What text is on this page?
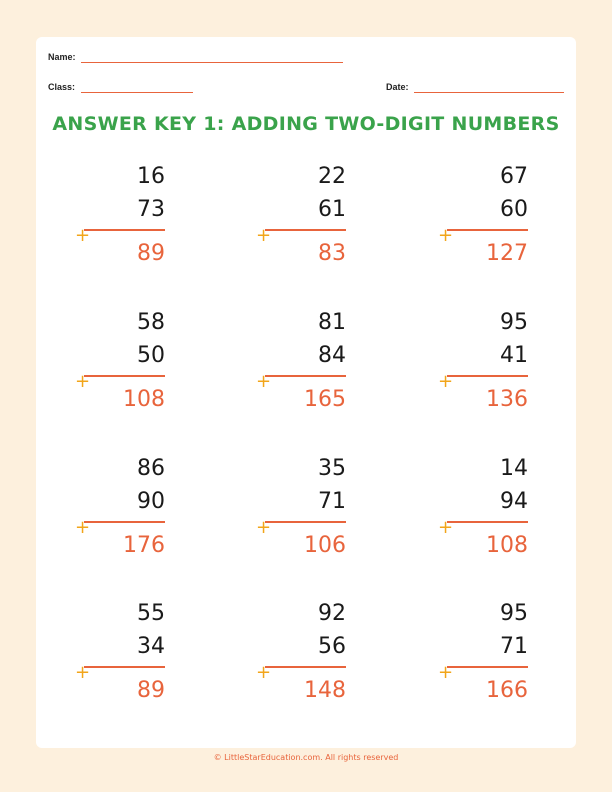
Name:
Class:	Date:
ANSWER KEY 1: ADDING TWO-DIGIT NUMBERS
16
73
+
89
22
61
+
83
67
60
+
127
58
50
+
108
81
84
+
165
95
41
+
136
86
90
+
176
35
71
+
106
14
94
+
108
55
34
+
89
92
56
+
148
95
71
+
166
© LittleStarEducation.com. All rights reserved
